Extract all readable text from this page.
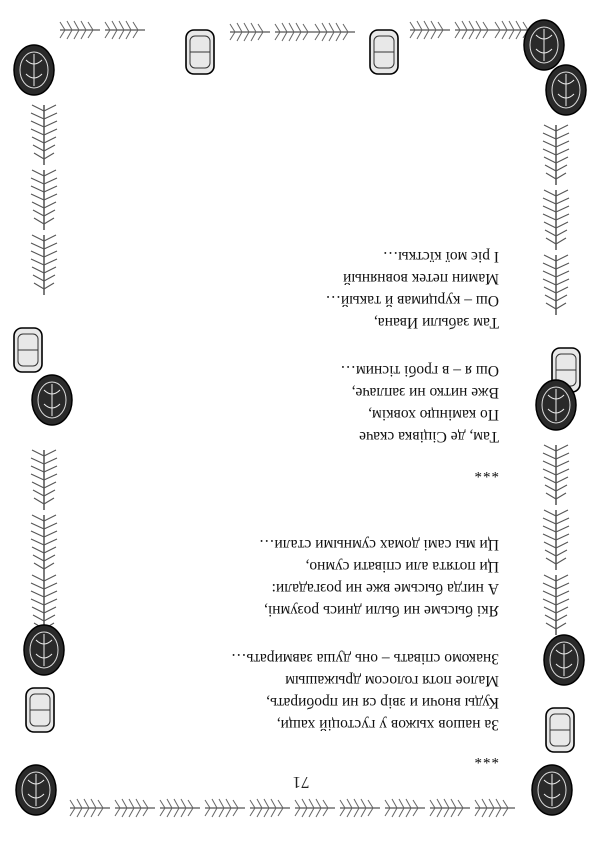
71
***
За нашов хыжов у густоцій хащи,
Куды вночи и звір ся ни пробирать,
Малое потя голосом дрыжашым
Знакомо співать – онь душа завмирать…
Які бысьме ни были днись розумні,
А нигда бысьме вже ни розгадали:
Ци потята али співати сумно,
Ци мы самі домах сумными стали…
***
Там, де Сіцівка скаче
По камінцю ховкім,
Вже нитко ни заплаче,
Ош я – в гробі тісним…
Там забыли Ивана,
Ош – курцимав й такый…
Мамин петек вовняный
І ріє мої кїсткы…
